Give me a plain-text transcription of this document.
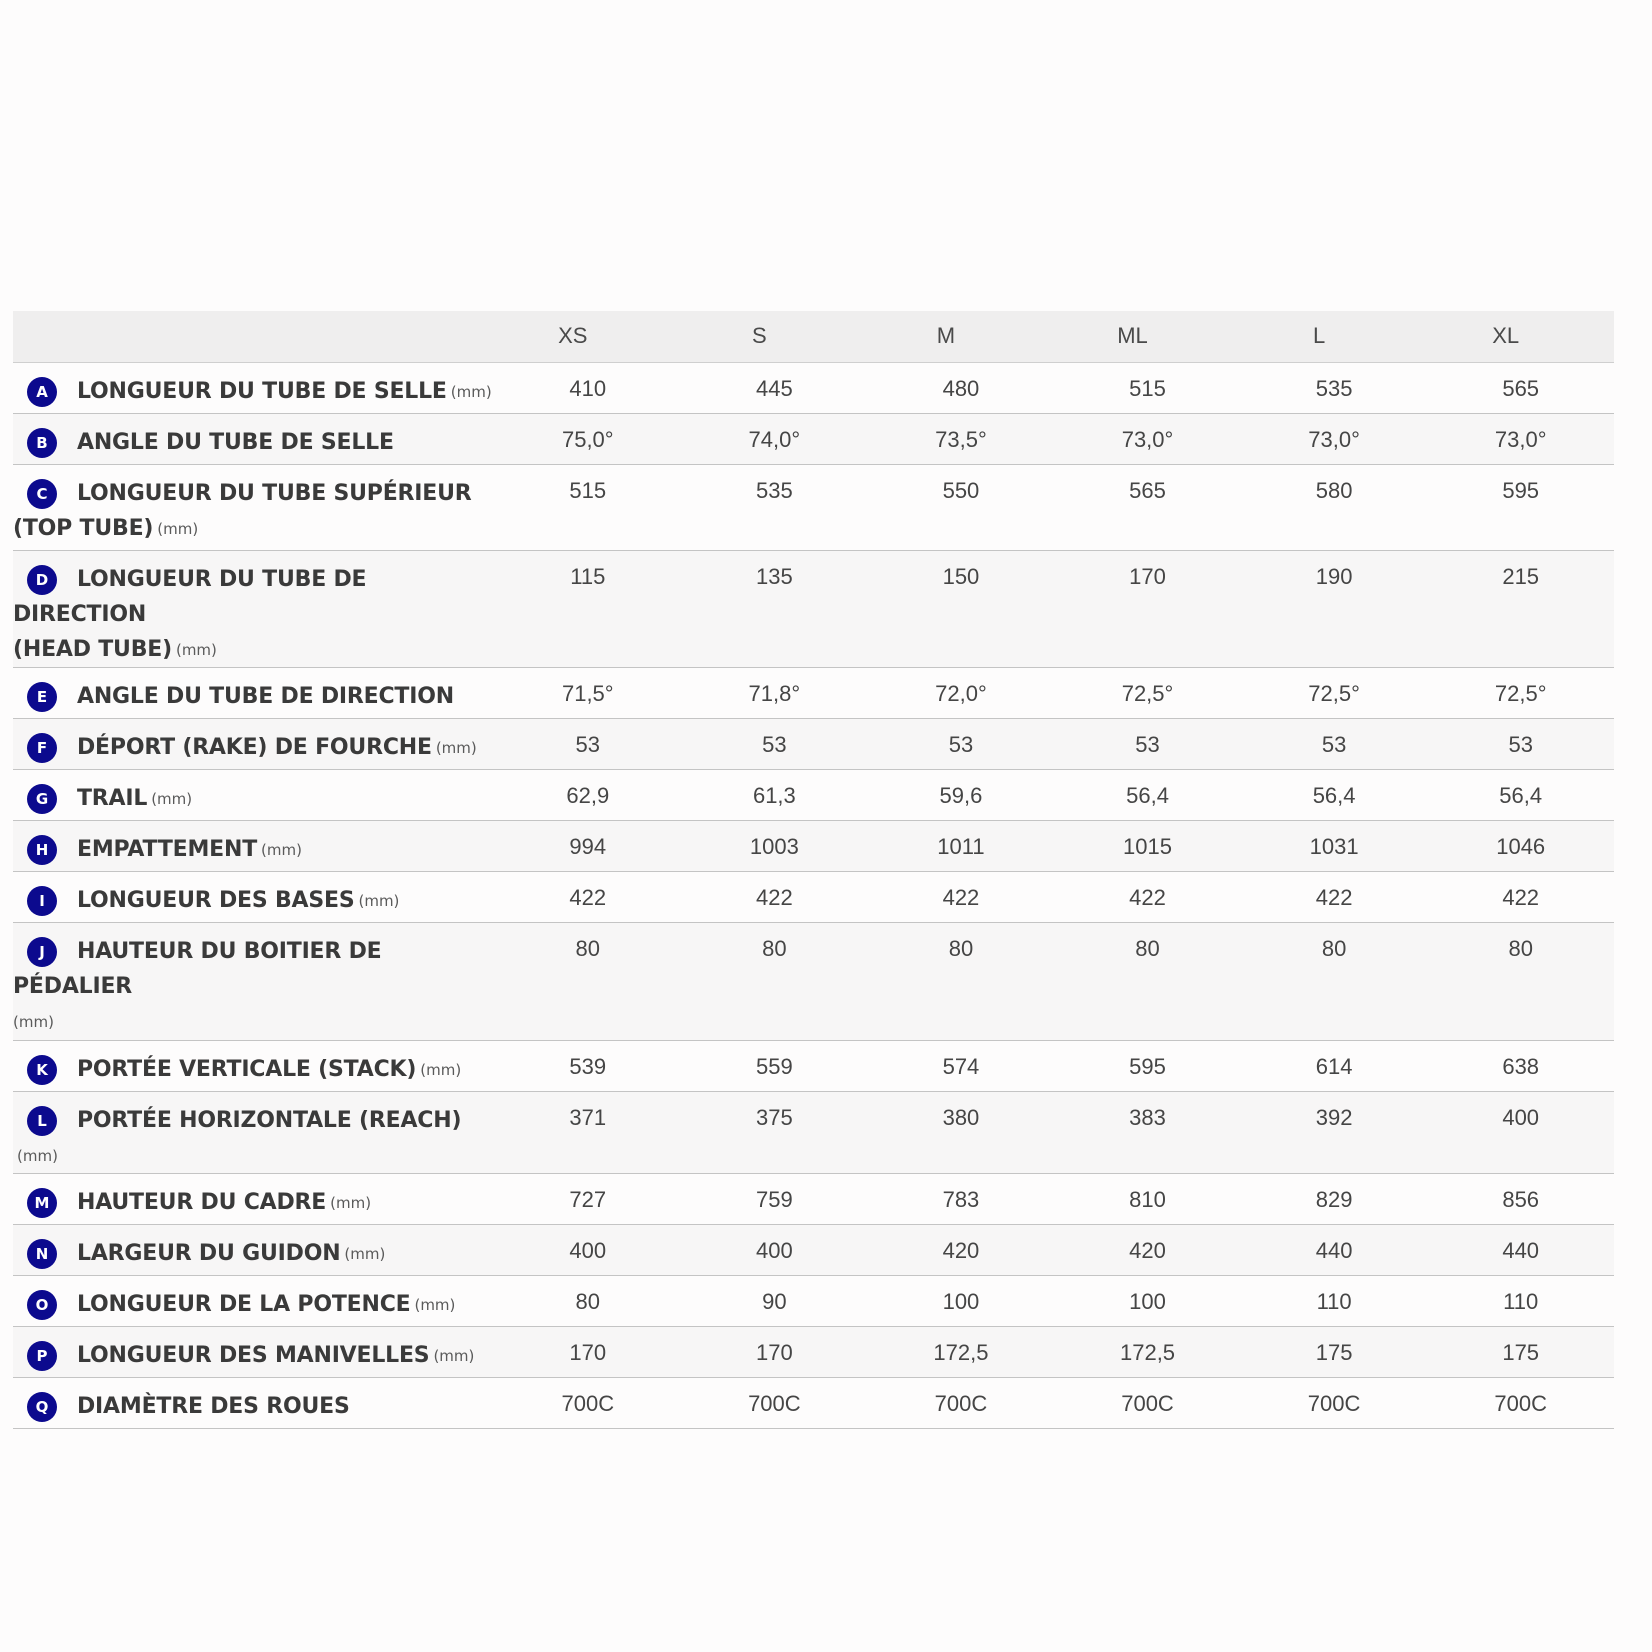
	XS	S	M	ML	L	XL

A LONGUEUR DU TUBE DE SELLE (mm)	410	445	480	515	535	565

B ANGLE DU TUBE DE SELLE	75,0°	74,0°	73,5°	73,0°	73,0°	73,0°

C LONGUEUR DU TUBE SUPÉRIEUR
(TOP TUBE) (mm)	515	535	550	565	580	595

D LONGUEUR DU TUBE DE DIRECTION
(HEAD TUBE) (mm)	115	135	150	170	190	215

E ANGLE DU TUBE DE DIRECTION	71,5°	71,8°	72,0°	72,5°	72,5°	72,5°

F DÉPORT (RAKE) DE FOURCHE (mm)	53	53	53	53	53	53

G TRAIL (mm)	62,9	61,3	59,6	56,4	56,4	56,4

H EMPATTEMENT (mm)	994	1003	1011	1015	1031	1046

I LONGUEUR DES BASES (mm)	422	422	422	422	422	422

J HAUTEUR DU BOITIER DE PÉDALIER
(mm)	80	80	80	80	80	80

K PORTÉE VERTICALE (STACK) (mm)	539	559	574	595	614	638

L PORTÉE HORIZONTALE (REACH)(mm)	371	375	380	383	392	400

M HAUTEUR DU CADRE (mm)	727	759	783	810	829	856

N LARGEUR DU GUIDON (mm)	400	400	420	420	440	440

O LONGUEUR DE LA POTENCE (mm)	80	90	100	100	110	110

P LONGUEUR DES MANIVELLES (mm)	170	170	172,5	172,5	175	175

Q DIAMÈTRE DES ROUES	700C	700C	700C	700C	700C	700C
